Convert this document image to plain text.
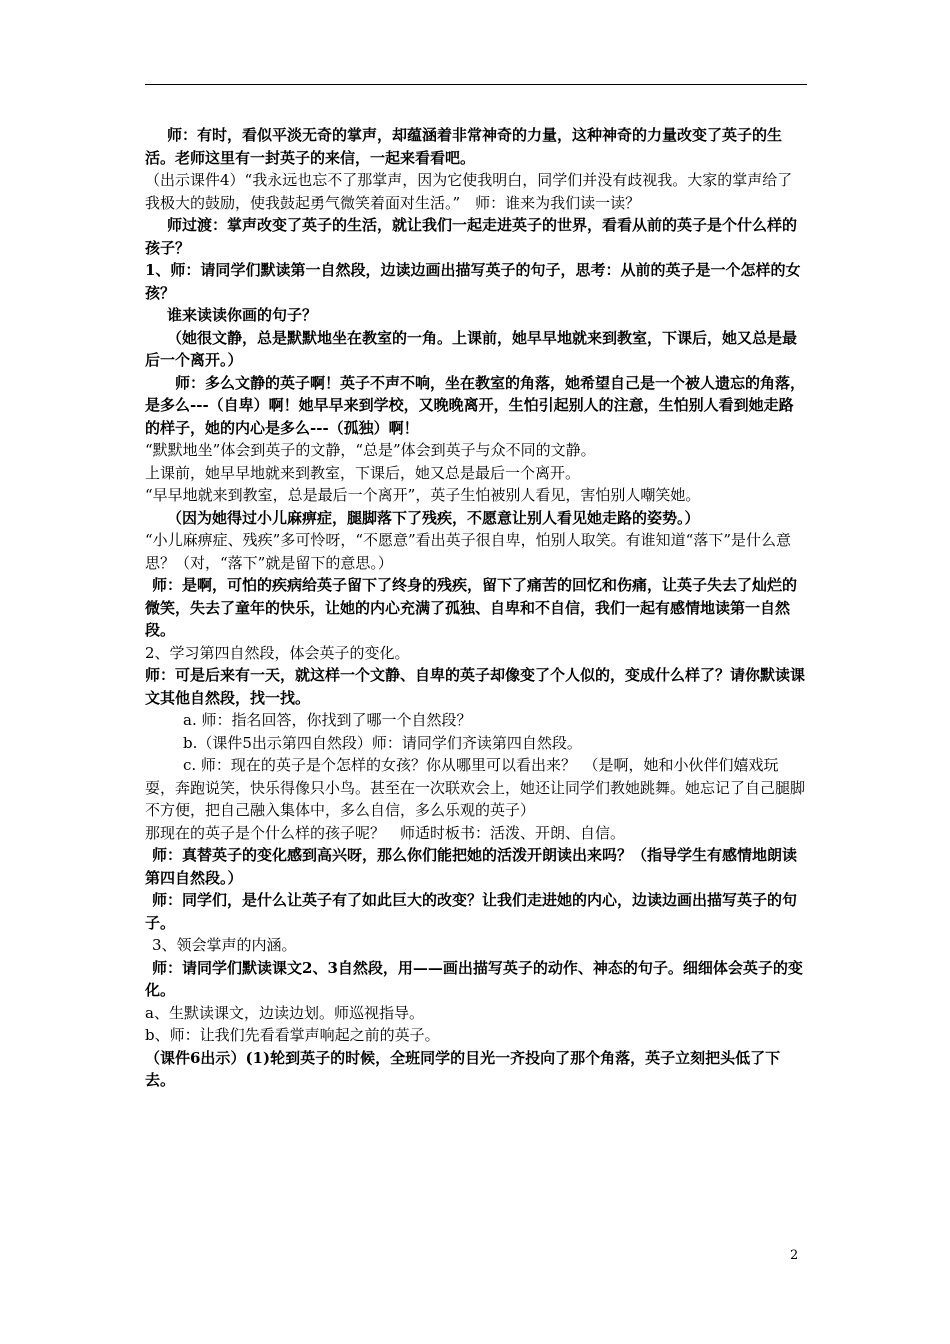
师：有时，看似平淡无奇的掌声，却蕴涵着非常神奇的力量，这种神奇的力量改变了英子的生活。老师这里有一封英子的来信，一起来看看吧。

（出示课件4）“我永远也忘不了那掌声，因为它使我明白，同学们并没有歧视我。大家的掌声给了我极大的鼓励，使我鼓起勇气微笑着面对生活。”　师：谁来为我们读一读？

师过渡：掌声改变了英子的生活，就让我们一起走进英子的世界，看看从前的英子是个什么样的孩子？

1、师：请同学们默读第一自然段，边读边画出描写英子的句子，思考：从前的英子是一个怎样的女孩？

谁来读读你画的句子？

（她很文静，总是默默地坐在教室的一角。上课前，她早早地就来到教室，下课后，她又总是最后一个离开。）

师：多么文静的英子啊！英子不声不响，坐在教室的角落，她希望自己是一个被人遗忘的角落，是多么---（自卑）啊！她早早来到学校，又晚晚离开，生怕引起别人的注意，生怕别人看到她走路的样子，她的内心是多么---（孤独）啊！

“默默地坐”体会到英子的文静，“总是”体会到英子与众不同的文静。

上课前，她早早地就来到教室，下课后，她又总是最后一个离开。

“早早地就来到教室，总是最后一个离开”，英子生怕被别人看见，害怕别人嘲笑她。

（因为她得过小儿麻痹症，腿脚落下了残疾，不愿意让别人看见她走路的姿势。）

“小儿麻痹症、残疾”多可怜呀，“不愿意”看出英子很自卑，怕别人取笑。有谁知道“落下”是什么意思？（对，“落下”就是留下的意思。）

师：是啊，可怕的疾病给英子留下了终身的残疾，留下了痛苦的回忆和伤痛，让英子失去了灿烂的微笑，失去了童年的快乐，让她的内心充满了孤独、自卑和不自信，我们一起有感情地读第一自然段。

2、学习第四自然段，体会英子的变化。

师：可是后来有一天，就这样一个文静、自卑的英子却像变了个人似的，变成什么样了？请你默读课文其他自然段，找一找。

a. 师：指名回答，你找到了哪一个自然段？

b.（课件5出示第四自然段）师：请同学们齐读第四自然段。

c. 师：现在的英子是个怎样的女孩？你从哪里可以看出来？　（是啊，她和小伙伴们嬉戏玩耍，奔跑说笑，快乐得像只小鸟。甚至在一次联欢会上，她还让同学们教她跳舞。她忘记了自己腿脚不方便，把自己融入集体中，多么自信，多么乐观的英子）

那现在的英子是个什么样的孩子呢？　师适时板书：活泼、开朗、自信。

师：真替英子的变化感到高兴呀，那么你们能把她的活泼开朗读出来吗？（指导学生有感情地朗读第四自然段。）

师：同学们，是什么让英子有了如此巨大的改变？让我们走进她的内心，边读边画出描写英子的句子。

3、领会掌声的内涵。

师：请同学们默读课文2、3自然段，用——画出描写英子的动作、神态的句子。细细体会英子的变化。

a、生默读课文，边读边划。师巡视指导。

b、师：让我们先看看掌声响起之前的英子。

（课件6出示）(1)轮到英子的时候，全班同学的目光一齐投向了那个角落，英子立刻把头低了下去。

2
